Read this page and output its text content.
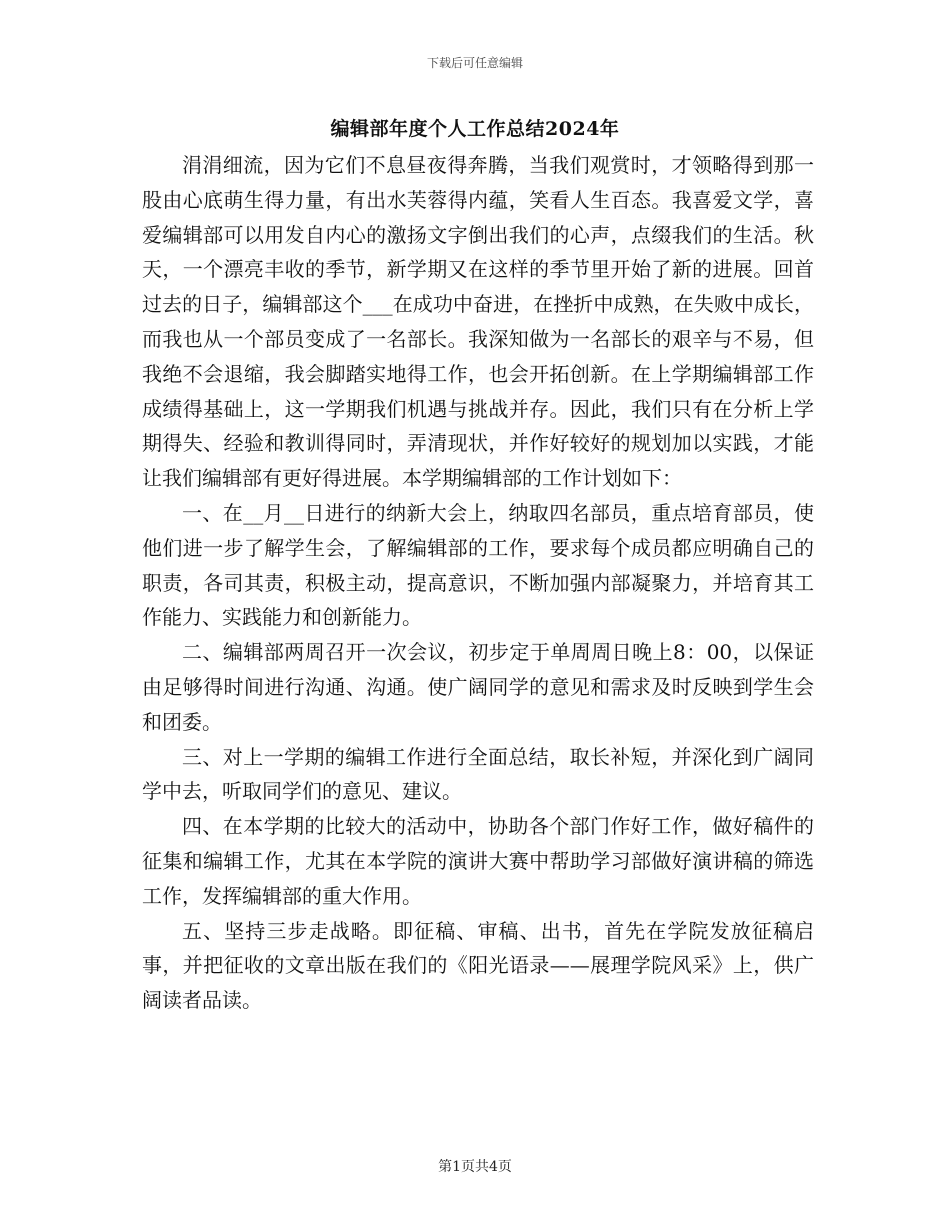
下载后可任意编辑
编辑部年度个人工作总结2024年

涓涓细流，因为它们不息昼夜得奔腾，当我们观赏时，才领略得到那一股由心底萌生得力量，有出水芙蓉得内蕴，笑看人生百态。我喜爱文学，喜爱编辑部可以用发自内心的激扬文字倒出我们的心声，点缀我们的生活。秋天，一个漂亮丰收的季节，新学期又在这样的季节里开始了新的进展。回首过去的日子，编辑部这个___在成功中奋进，在挫折中成熟，在失败中成长，而我也从一个部员变成了一名部长。我深知做为一名部长的艰辛与不易，但我绝不会退缩，我会脚踏实地得工作，也会开拓创新。在上学期编辑部工作成绩得基础上，这一学期我们机遇与挑战并存。因此，我们只有在分析上学期得失、经验和教训得同时，弄清现状，并作好较好的规划加以实践，才能让我们编辑部有更好得进展。本学期编辑部的工作计划如下：

一、在__月__日进行的纳新大会上，纳取四名部员，重点培育部员，使他们进一步了解学生会，了解编辑部的工作，要求每个成员都应明确自己的职责，各司其责，积极主动，提高意识，不断加强内部凝聚力，并培育其工作能力、实践能力和创新能力。

二、编辑部两周召开一次会议，初步定于单周周日晚上8：00，以保证由足够得时间进行沟通、沟通。使广阔同学的意见和需求及时反映到学生会和团委。

三、对上一学期的编辑工作进行全面总结，取长补短，并深化到广阔同学中去，听取同学们的意见、建议。

四、在本学期的比较大的活动中，协助各个部门作好工作，做好稿件的征集和编辑工作，尤其在本学院的演讲大赛中帮助学习部做好演讲稿的筛选工作，发挥编辑部的重大作用。

五、坚持三步走战略。即征稿、审稿、出书，首先在学院发放征稿启事，并把征收的文章出版在我们的《阳光语录——展理学院风采》上，供广阔读者品读。

第1页共4页
